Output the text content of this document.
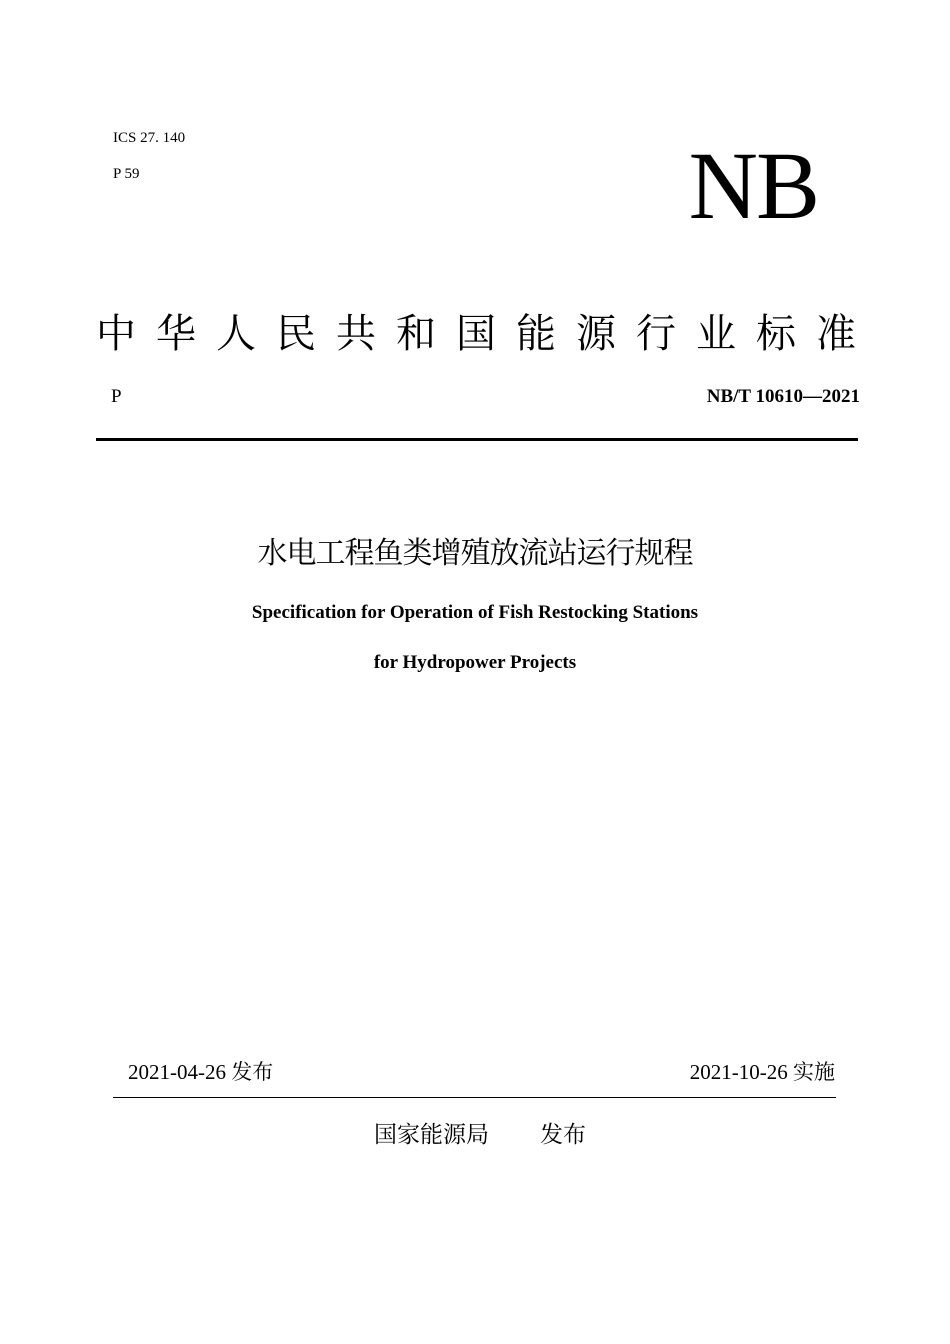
ICS 27. 140
P 59	NB
中 华 人 民 共 和 国 能 源 行 业 标 准
P	NB/T 10610—2021
水电工程鱼类增殖放流站运行规程
Specification for Operation of Fish Restocking Stations
for Hydropower Projects
2021-04-26 发布	2021-10-26 实施
国家能源局 发布
